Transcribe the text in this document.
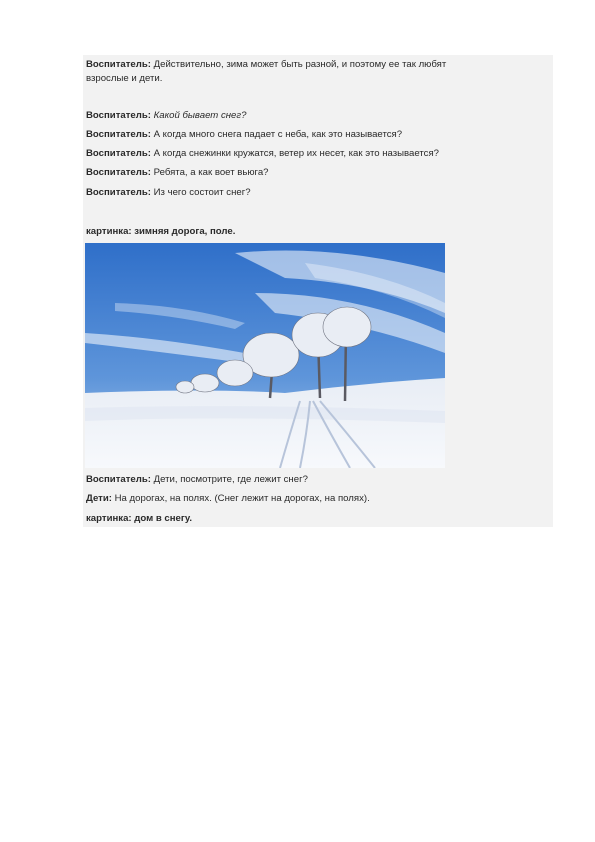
Воспитатель: Действительно, зима может быть разной, и поэтому ее так любят
взрослые и дети.
Воспитатель: Какой бывает снег?
Воспитатель: А когда много снега падает с неба, как это называется?
Воспитатель: А когда снежинки кружатся, ветер их несет, как это называется?
Воспитатель: Ребята, а как воет вьюга?
Воспитатель: Из чего состоит снег?
картинка: зимняя дорога, поле.
Воспитатель: Дети, посмотрите, где лежит снег?
Дети: На дорогах, на полях. (Снег лежит на дорогах, на полях).
картинка: дом в снегу.
